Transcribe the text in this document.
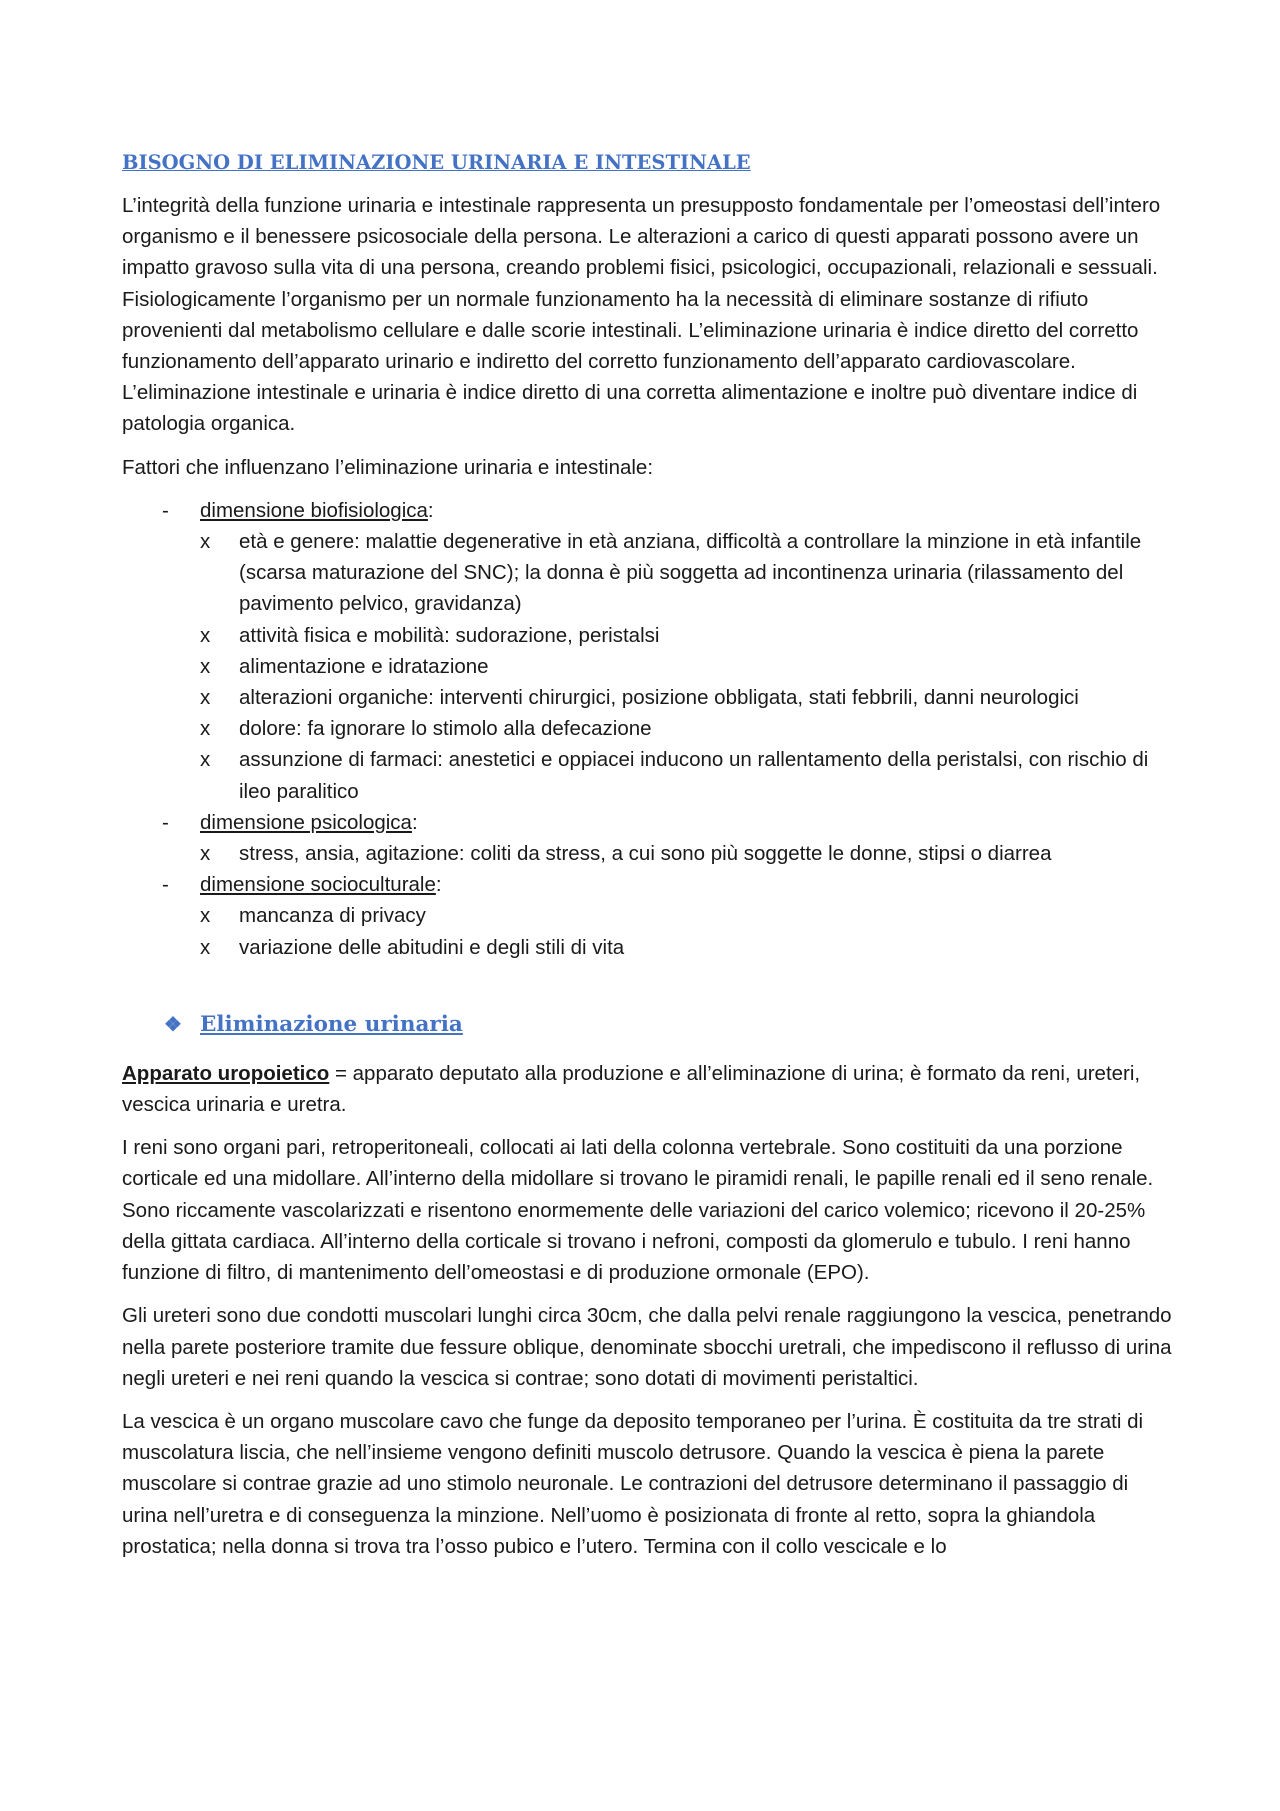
BISOGNO DI ELIMINAZIONE URINARIA E INTESTINALE

L’integrità della funzione urinaria e intestinale rappresenta un presupposto fondamentale per l’omeostasi dell’intero organismo e il benessere psicosociale della persona. Le alterazioni a carico di questi apparati possono avere un impatto gravoso sulla vita di una persona, creando problemi fisici, psicologici, occupazionali, relazionali e sessuali. Fisiologicamente l’organismo per un normale funzionamento ha la necessità di eliminare sostanze di rifiuto provenienti dal metabolismo cellulare e dalle scorie intestinali. L’eliminazione urinaria è indice diretto del corretto funzionamento dell’apparato urinario e indiretto del corretto funzionamento dell’apparato cardiovascolare. L’eliminazione intestinale e urinaria è indice diretto di una corretta alimentazione e inoltre può diventare indice di patologia organica.

Fattori che influenzano l’eliminazione urinaria e intestinale:

- dimensione biofisiologica:
x età e genere: malattie degenerative in età anziana, difficoltà a controllare la minzione in età infantile (scarsa maturazione del SNC); la donna è più soggetta ad incontinenza urinaria (rilassamento del pavimento pelvico, gravidanza)
x attività fisica e mobilità: sudorazione, peristalsi
x alimentazione e idratazione
x alterazioni organiche: interventi chirurgici, posizione obbligata, stati febbrili, danni neurologici
x dolore: fa ignorare lo stimolo alla defecazione
x assunzione di farmaci: anestetici e oppiacei inducono un rallentamento della peristalsi, con rischio di ileo paralitico
- dimensione psicologica:
x stress, ansia, agitazione: coliti da stress, a cui sono più soggette le donne, stipsi o diarrea
- dimensione socioculturale:
x mancanza di privacy
x variazione delle abitudini e degli stili di vita
❖ Eliminazione urinaria

Apparato uropoietico = apparato deputato alla produzione e all’eliminazione di urina; è formato da reni, ureteri, vescica urinaria e uretra.

I reni sono organi pari, retroperitoneali, collocati ai lati della colonna vertebrale. Sono costituiti da una porzione corticale ed una midollare. All’interno della midollare si trovano le piramidi renali, le papille renali ed il seno renale. Sono riccamente vascolarizzati e risentono enormemente delle variazioni del carico volemico; ricevono il 20-25% della gittata cardiaca. All’interno della corticale si trovano i nefroni, composti da glomerulo e tubulo. I reni hanno funzione di filtro, di mantenimento dell’omeostasi e di produzione ormonale (EPO).

Gli ureteri sono due condotti muscolari lunghi circa 30cm, che dalla pelvi renale raggiungono la vescica, penetrando nella parete posteriore tramite due fessure oblique, denominate sbocchi uretrali, che impediscono il reflusso di urina negli ureteri e nei reni quando la vescica si contrae; sono dotati di movimenti peristaltici.

La vescica è un organo muscolare cavo che funge da deposito temporaneo per l’urina. È costituita da tre strati di muscolatura liscia, che nell’insieme vengono definiti muscolo detrusore. Quando la vescica è piena la parete muscolare si contrae grazie ad uno stimolo neuronale. Le contrazioni del detrusore determinano il passaggio di urina nell’uretra e di conseguenza la minzione. Nell’uomo è posizionata di fronte al retto, sopra la ghiandola prostatica; nella donna si trova tra l’osso pubico e l’utero. Termina con il collo vescicale e lo
